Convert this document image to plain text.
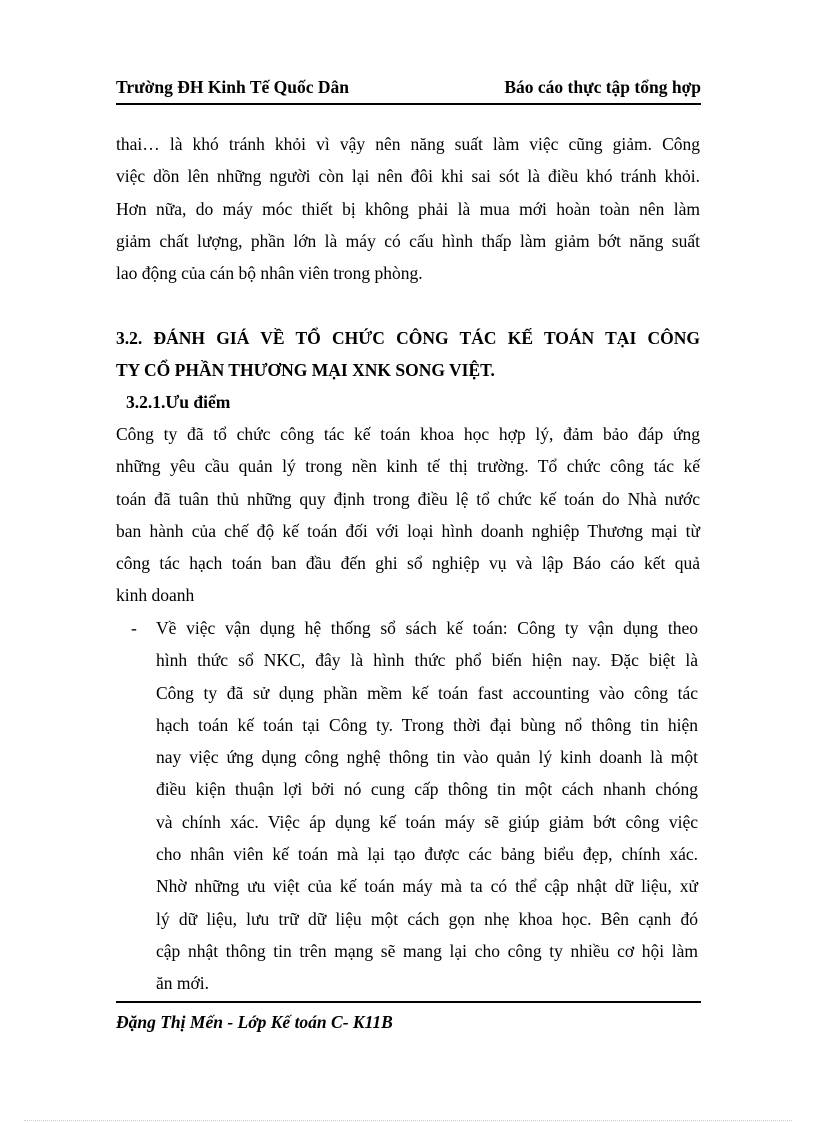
Trường ĐH Kinh Tế Quốc Dân	Báo cáo thực tập tổng hợp

thai… là khó tránh khỏi vì vậy nên năng suất làm việc cũng giảm. Công
việc dồn lên những người còn lại nên đôi khi sai sót là điều khó tránh khỏi.
Hơn nữa, do máy móc thiết bị không phải là mua mới hoàn toàn nên làm
giảm chất lượng, phần lớn là máy có cấu hình thấp làm giảm bớt năng suất
lao động của cán bộ nhân viên trong phòng.

3.2. ĐÁNH GIÁ VỀ TỔ CHỨC CÔNG TÁC KẾ TOÁN TẠI CÔNG
TY CỔ PHẦN THƯƠNG MẠI XNK SONG VIỆT.
3.2.1.Ưu điểm

Công ty đã tổ chức công tác kế toán khoa học hợp lý, đảm bảo đáp ứng
những yêu cầu quản lý trong nền kinh tế thị trường. Tổ chức công tác kế
toán đã tuân thủ những quy định trong điều lệ tổ chức kế toán do Nhà nước
ban hành của chế độ kế toán đối với loại hình doanh nghiệp Thương mại từ
công tác hạch toán ban đầu đến ghi sổ nghiệp vụ và lập Báo cáo kết quả
kinh doanh

- Về việc vận dụng hệ thống sổ sách kế toán: Công ty vận dụng theo
hình thức sổ NKC, đây là hình thức phổ biến hiện nay. Đặc biệt là
Công ty đã sử dụng phần mềm kế toán fast accounting vào công tác
hạch toán kế toán tại Công ty. Trong thời đại bùng nổ thông tin hiện
nay việc ứng dụng công nghệ thông tin vào quản lý kinh doanh là một
điều kiện thuận lợi bởi nó cung cấp thông tin một cách nhanh chóng
và chính xác. Việc áp dụng kế toán máy sẽ giúp giảm bớt công việc
cho nhân viên kế toán mà lại tạo được các bảng biểu đẹp, chính xác.
Nhờ những ưu việt của kế toán máy mà ta có thể cập nhật dữ liệu, xử
lý dữ liệu, lưu trữ dữ liệu một cách gọn nhẹ khoa học. Bên cạnh đó
cập nhật thông tin trên mạng sẽ mang lại cho công ty nhiều cơ hội làm
ăn mới.

Đặng Thị Mến - Lớp Kế toán C- K11B
